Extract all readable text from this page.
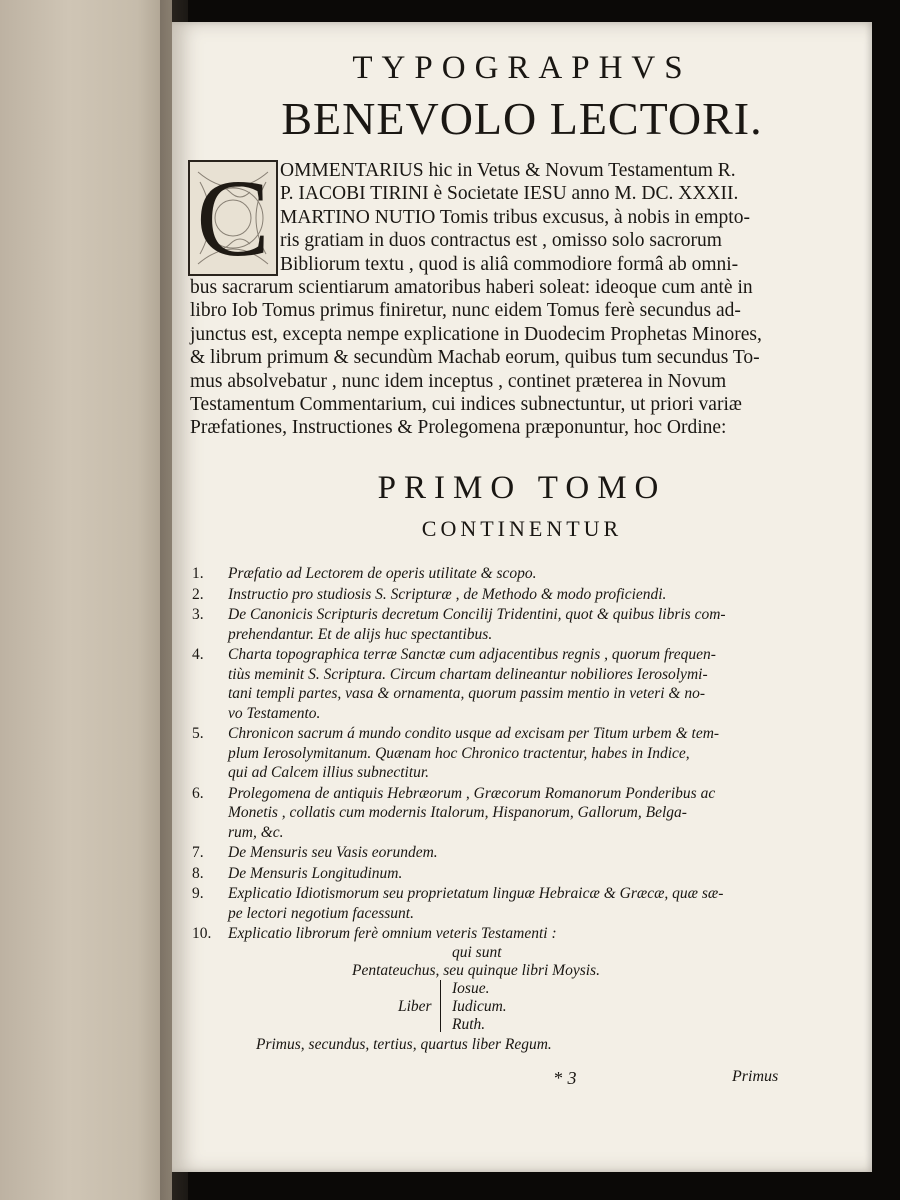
TYPOGRAPHVS
BENEVOLO LECTORI.
C OMMENTARIUS hic in Vetus & Novum Testamentum R.
P. IACOBI TIRINI è Societate IESU anno M. DC. XXXII.
MARTINO NUTIO Tomis tribus excusus, à nobis in empto-
ris gratiam in duos contractus est , omisso solo sacrorum
Bibliorum textu , quod is aliâ commodiore formâ ab omni-
bus sacrarum scientiarum amatoribus haberi soleat: ideoque cum antè in
libro Iob Tomus primus finiretur, nunc eidem Tomus ferè secundus ad-
junctus est, excepta nempe explicatione in Duodecim Prophetas Minores,
& librum primum & secundùm Machab eorum, quibus tum secundus To-
mus absolvebatur , nunc idem inceptus , continet præterea in Novum
Testamentum Commentarium, cui indices subnectuntur, ut priori variæ
Præfationes, Instructiones & Prolegomena præponuntur, hoc Ordine:
PRIMO TOMO
CONTINENTUR
1. Præfatio ad Lectorem de operis utilitate & scopo.
2. Instructio pro studiosis S. Scripturæ , de Methodo & modo proficiendi.
3. De Canonicis Scripturis decretum Concilij Tridentini, quot & quibus libris com-
prehendantur. Et de alijs huc spectantibus.
4. Charta topographica terræ Sanctæ cum adjacentibus regnis , quorum frequen-
tiùs meminit S. Scriptura. Circum chartam delineantur nobiliores Ierosolymi-
tani templi partes, vasa & ornamenta, quorum passim mentio in veteri & no-
vo Testamento.
5. Chronicon sacrum á mundo condito usque ad excisam per Titum urbem & tem-
plum Ierosolymitanum. Quænam hoc Chronico tractentur, habes in Indice,
qui ad Calcem illius subnectitur.
6. Prolegomena de antiquis Hebræorum , Græcorum Romanorum Ponderibus ac
Monetis , collatis cum modernis Italorum, Hispanorum, Gallorum, Belga-
rum, &c.
7. De Mensuris seu Vasis eorundem.
8. De Mensuris Longitudinum.
9. Explicatio Idiotismorum seu proprietatum linguæ Hebraicæ & Græcæ, quæ sæ-
pe lectori negotium facessunt.
10. Explicatio librorum ferè omnium veteris Testamenti :
qui sunt
Pentateuchus, seu quinque libri Moysis.
Liber
Iosue.
Iudicum.
Ruth.
Primus, secundus, tertius, quartus liber Regum.
* 3	Primus
